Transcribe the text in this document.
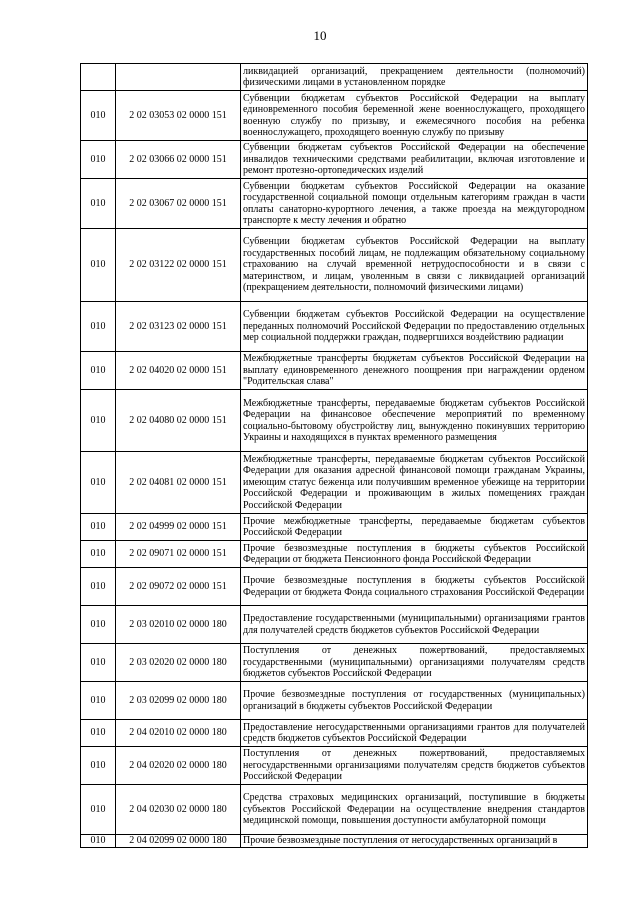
10
		ликвидацией организаций, прекращением деятельности (полномочий) физическими лицами в установленном порядке
010	2 02 03053 02 0000 151	Субвенции бюджетам субъектов Российской Федерации на выплату единовременного пособия беременной жене военнослужащего, проходящего военную службу по призыву, и ежемесячного пособия на ребенка военнослужащего, проходящего военную службу по призыву
010	2 02 03066 02 0000 151	Субвенции бюджетам субъектов Российской Федерации на обеспечение инвалидов техническими средствами реабилитации, включая изготовление и ремонт протезно-ортопедических изделий
010	2 02 03067 02 0000 151	Субвенции бюджетам субъектов Российской Федерации на оказание государственной социальной помощи отдельным категориям граждан в части оплаты санаторно-курортного лечения, а также проезда на междугородном транспорте к месту лечения и обратно
010	2 02 03122 02 0000 151	Субвенции бюджетам субъектов Российской Федерации на выплату государственных пособий лицам, не подлежащим обязательному социальному страхованию на случай временной нетрудоспособности и в связи с материнством, и лицам, уволенным в связи с ликвидацией организаций (прекращением деятельности, полномочий физическими лицами)
010	2 02 03123 02 0000 151	Субвенции бюджетам субъектов Российской Федерации на осуществление переданных полномочий Российской Федерации по предоставлению отдельных мер социальной поддержки граждан, подвергшихся воздействию радиации
010	2 02 04020 02 0000 151	Межбюджетные трансферты бюджетам субъектов Российской Федерации на выплату единовременного денежного поощрения при награждении орденом "Родительская слава"
010	2 02 04080 02 0000 151	Межбюджетные трансферты, передаваемые бюджетам субъектов Российской Федерации на финансовое обеспечение мероприятий по временному социально-бытовому обустройству лиц, вынужденно покинувших территорию Украины и находящихся в пунктах временного размещения
010	2 02 04081 02 0000 151	Межбюджетные трансферты, передаваемые бюджетам субъектов Российской Федерации для оказания адресной финансовой помощи гражданам Украины, имеющим статус беженца или получившим временное убежище на территории Российской Федерации и проживающим в жилых помещениях граждан Российской Федерации
010	2 02 04999 02 0000 151	Прочие межбюджетные трансферты, передаваемые бюджетам субъектов Российской Федерации
010	2 02 09071 02 0000 151	Прочие безвозмездные поступления в бюджеты субъектов Российской Федерации от бюджета Пенсионного фонда Российской Федерации
010	2 02 09072 02 0000 151	Прочие безвозмездные поступления в бюджеты субъектов Российской Федерации от бюджета Фонда социального страхования Российской Федерации
010	2 03 02010 02 0000 180	Предоставление государственными (муниципальными) организациями грантов для получателей средств бюджетов субъектов Российской Федерации
010	2 03 02020 02 0000 180	Поступления от денежных пожертвований, предоставляемых государственными (муниципальными) организациями получателям средств бюджетов субъектов Российской Федерации
010	2 03 02099 02 0000 180	Прочие безвозмездные поступления от государственных (муниципальных) организаций в бюджеты субъектов Российской Федерации
010	2 04 02010 02 0000 180	Предоставление негосударственными организациями грантов для получателей средств бюджетов субъектов Российской Федерации
010	2 04 02020 02 0000 180	Поступления от денежных пожертвований, предоставляемых негосударственными организациями получателям средств бюджетов субъектов Российской Федерации
010	2 04 02030 02 0000 180	Средства страховых медицинских организаций, поступившие в бюджеты субъектов Российской Федерации на осуществление внедрения стандартов медицинской помощи, повышения доступности амбулаторной помощи
010	2 04 02099 02 0000 180	Прочие безвозмездные поступления от негосударственных организаций в
